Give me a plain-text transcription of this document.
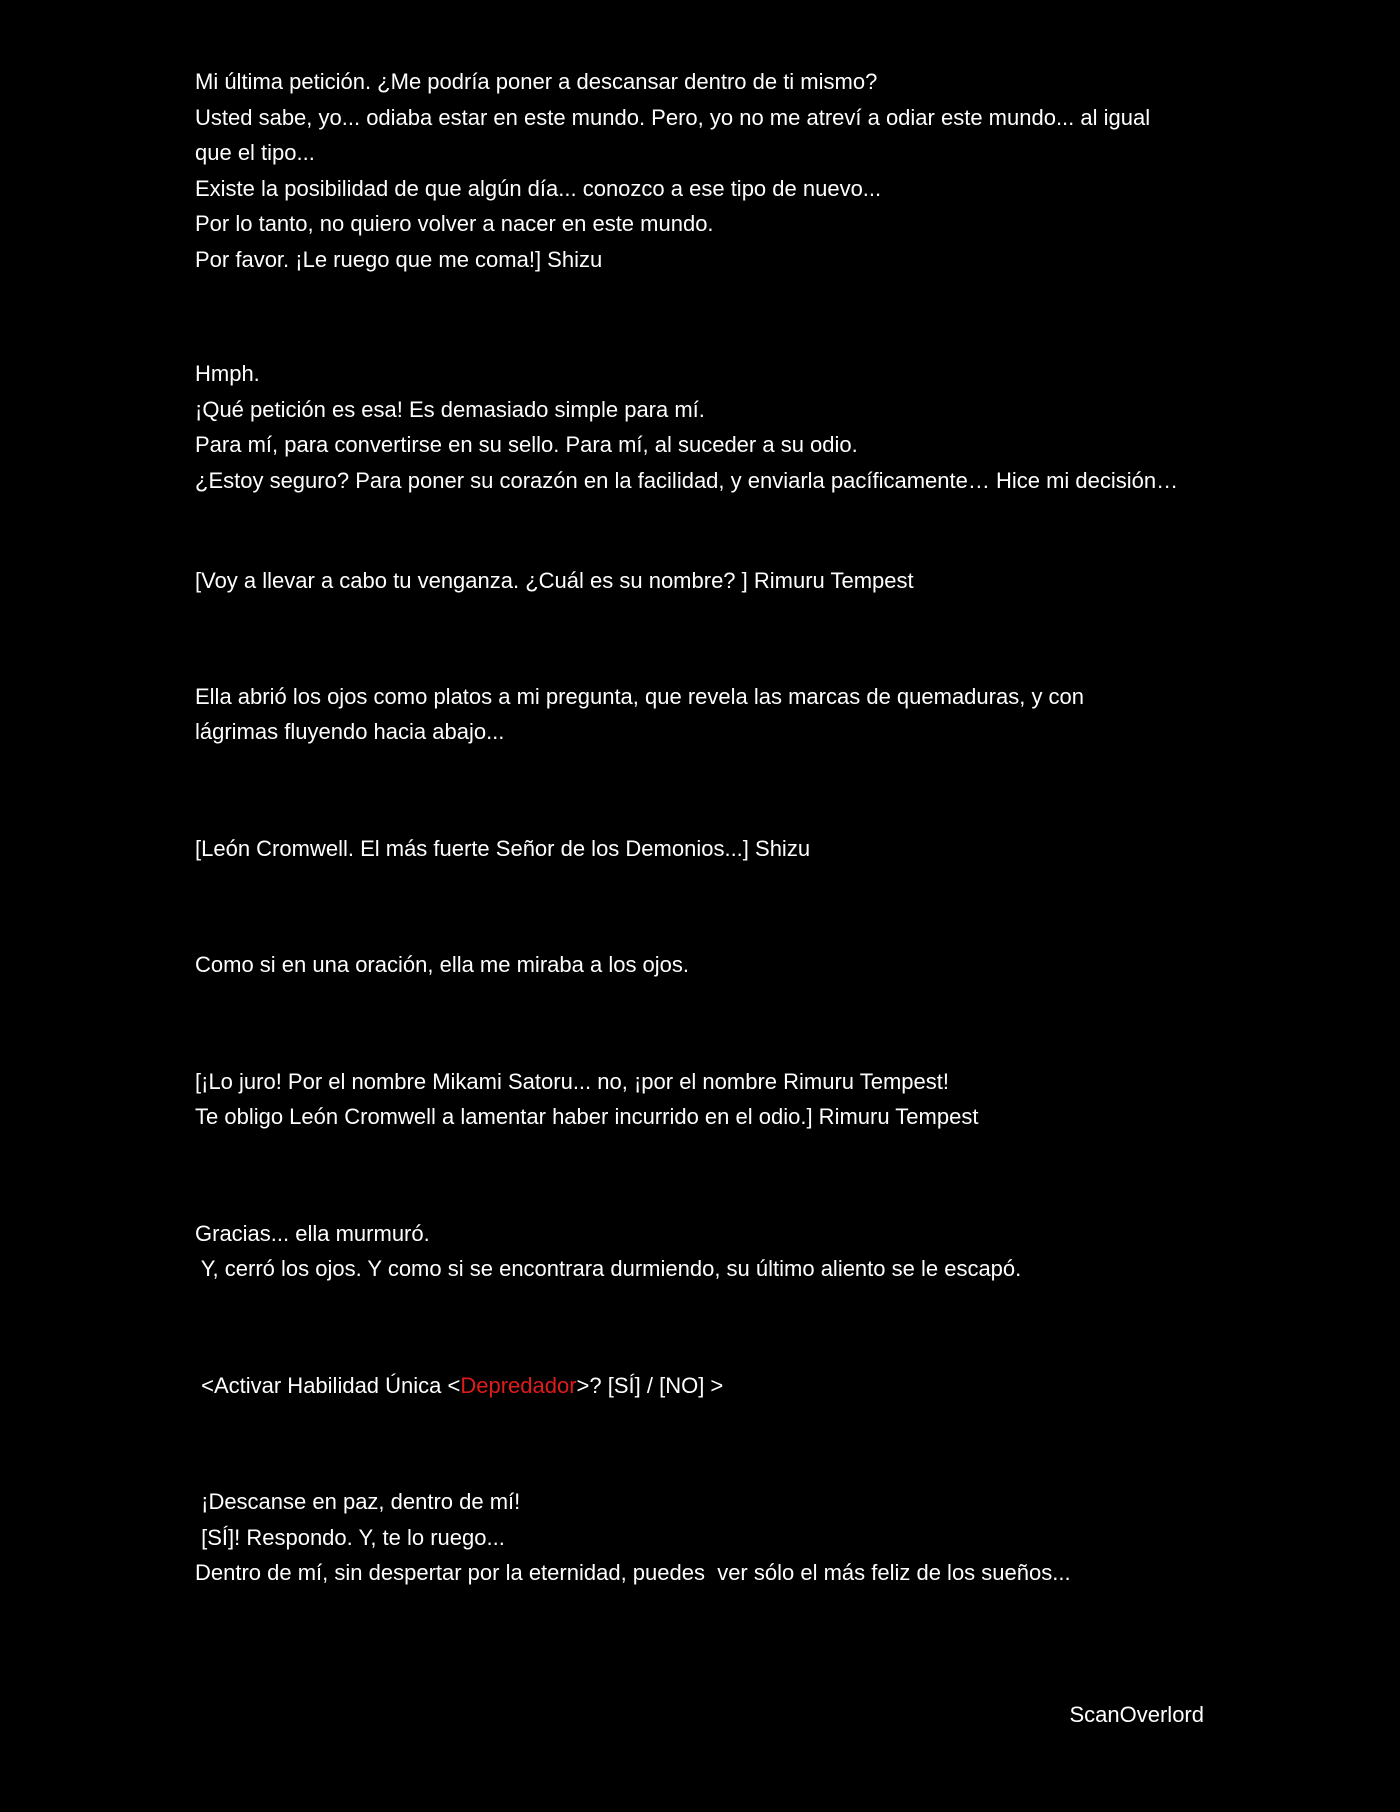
Mi última petición. ¿Me podría poner a descansar dentro de ti mismo?
Usted sabe, yo... odiaba estar en este mundo. Pero, yo no me atreví a odiar este mundo... al igual
que el tipo...
Existe la posibilidad de que algún día... conozco a ese tipo de nuevo...
Por lo tanto, no quiero volver a nacer en este mundo.
Por favor. ¡Le ruego que me coma!] Shizu
Hmph.
¡Qué petición es esa! Es demasiado simple para mí.
Para mí, para convertirse en su sello. Para mí, al suceder a su odio.
¿Estoy seguro? Para poner su corazón en la facilidad, y enviarla pacíficamente… Hice mi decisión…
[Voy a llevar a cabo tu venganza. ¿Cuál es su nombre? ] Rimuru Tempest
Ella abrió los ojos como platos a mi pregunta, que revela las marcas de quemaduras, y con
lágrimas fluyendo hacia abajo...
[León Cromwell. El más fuerte Señor de los Demonios...] Shizu
Como si en una oración, ella me miraba a los ojos.
[¡Lo juro! Por el nombre Mikami Satoru... no, ¡por el nombre Rimuru Tempest!
Te obligo León Cromwell a lamentar haber incurrido en el odio.] Rimuru Tempest
Gracias... ella murmuró.
Y, cerró los ojos. Y como si se encontrara durmiendo, su último aliento se le escapó.
<Activar Habilidad Única <Depredador>? [SÍ] / [NO] >
¡Descanse en paz, dentro de mí!
[SÍ]! Respondo. Y, te lo ruego...
Dentro de mí, sin despertar por la eternidad, puedes  ver sólo el más feliz de los sueños...
ScanOverlord
